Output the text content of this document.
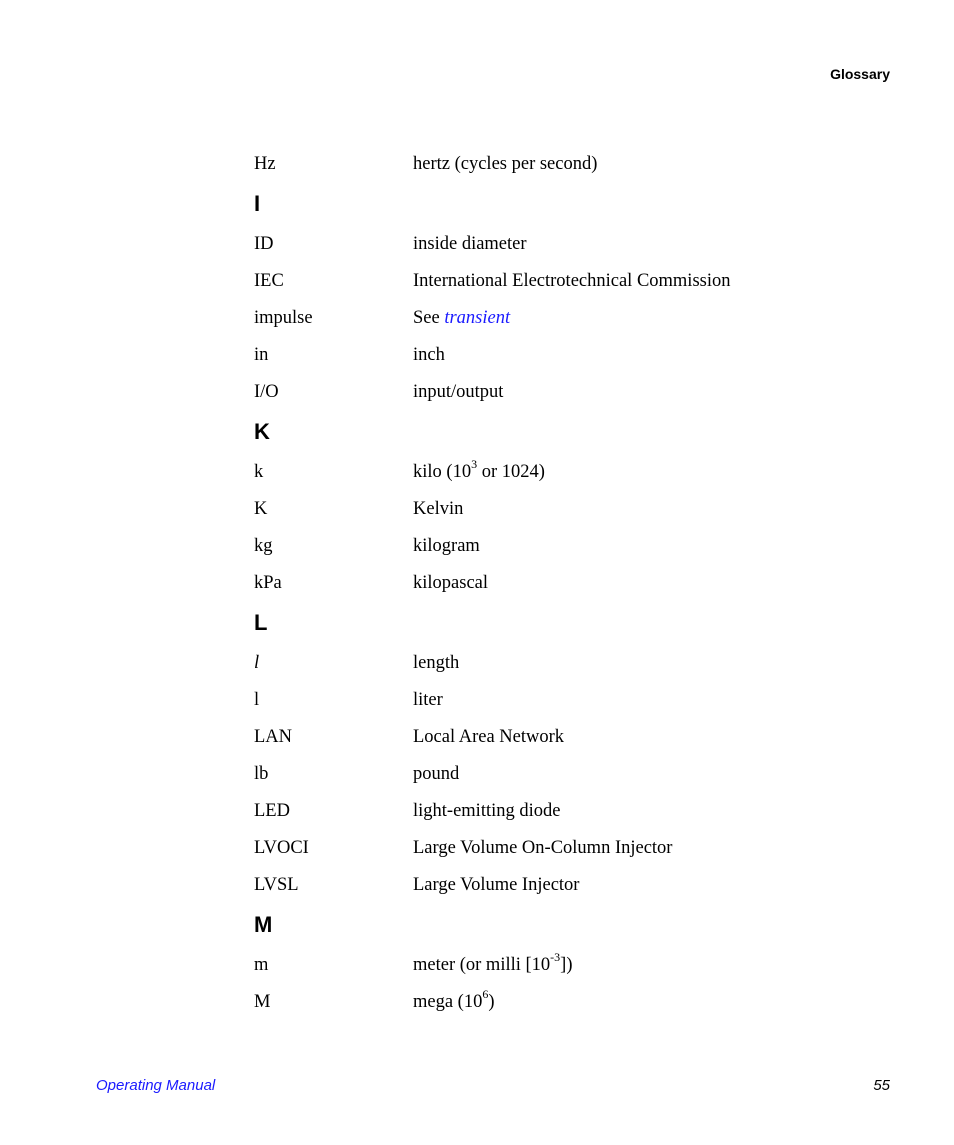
Glossary
Hz	hertz (cycles per second)
I
ID	inside diameter
IEC	International Electrotechnical Commission
impulse	See transient
in	inch
I/O	input/output
K
k	kilo ($10^3$ or 1024)
K	Kelvin
kg	kilogram
kPa	kilopascal
L
l	length
l	liter
LAN	Local Area Network
lb	pound
LED	light-emitting diode
LVOCI	Large Volume On-Column Injector
LVSL	Large Volume Injector
M
m	meter (or milli $[10^{-3}]$)
M	mega $(10^6)$
Operating Manual	55
